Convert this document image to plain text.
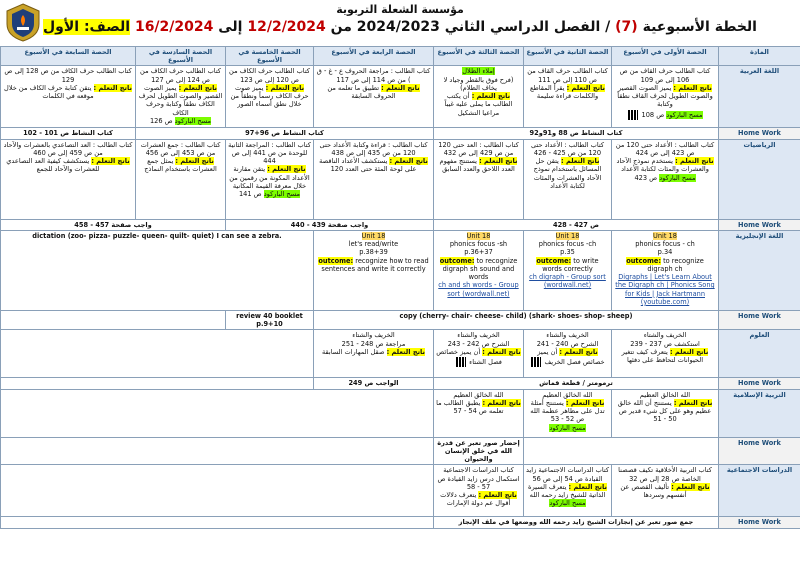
مؤسسة الشعلة التربوية
الخطة الأسبوعية (7) / الفصل الدراسي الثاني 2024/2023 من 12/2/2024 إلى 16/2/2024 الصف: الأول
المادة	الحصة الأولى في الأسبوع	الحصة الثانية في الأسبوع	الحصة الثالثة في الأسبوع	الحصة الرابعة في الأسبوع	الحصة الخامسة في الأسبوع	الحصة السادسة في الأسبوع	الحصة السابعة في الأسبوع
اللغة العربية	كتاب الطالب حرف القاف من ص 106 إلى ص 109
ناتج التعلم : يميز الصوت القصير والصوت الطويل لحرف القاف نطقاً وكتابة
مسح الباركود ص 108	كتاب الطالب حرف القاف من ص 110 إلى ص 111
ناتج التعلم : يقرأ المقاطع والكلمات قراءة سليمة	إملاء الظلال
(فرح فوق بالقطر وجياد لا يخاف الظلام)
ناتج التعلم : أن يكتب الطالب ما يملى عليه غيباً مراعيا التشكيل	كتاب الطالب : مراجعة الحروف ع - غ - ق ) من ص 114 إلى ص 117
ناتج التعلم : تطبيق ما تعلمه من الحروف السابقة	كتاب الطالب حرف الكاف من ص 120 إلى ص 123
ناتج التعلم : يميز صوت حرف الكاف رسماً ونطقاً من خلال نطق أسماء الصور	كتاب الطالب حرف الكاف من ص 124 إلى ص 127
ناتج التعلم : يميز الصوت القصير والصوت الطويل لحرف الكاف نطقاً وكتابة وحرف الكاف
مسح الباركود ص 126	كتاب الطالب حرف الكاف من ص 128 إلى ص 129
ناتج التعلم : يتقن كتابة حرف الكاف من خلال موقعه في الكلمات
Home Work	كتاب النشاط ص 88 و91و92			كتاب النشاط ص 96+97			كتاب النشاط ص 101 - 102
الرياضيات	كتاب الطالب : الأعداد حتى 120 من ص 423 إلى ص 424
ناتج التعلم : يستخدم نموذج الآحاد والعشرات والمئات لكتابة الأعداد
مسح الباركود ص 423	كتاب الطالب : الأعداد حتى 120 من ص 425 - 426
ناتج التعلم : يتقن حل المسائل باستخدام نموذج الآحاد والعشرات والمئات لكتابة الأعداد	كتاب الطالب : العد حتى 120 من ص 429 إلى ص 432
ناتج التعلم : يستنتج مفهوم العدد اللاحق والعدد السابق	كتاب الطالب : قراءة وكتابة الأعداد حتى 120 من ص 435 إلى ص 438
ناتج التعلم : يستكشف الأعداد الناقصة على لوحة المئة حتى العدد 120	كتاب الطالب : المراجعة الثانية للوحدة من ص 441 إلى ص 444
ناتج التعلم : يتقن مقارنة الأعداد المكونة من رقمين من خلال معرفة القيمة المكانية
مسح الباركود ص 141	كتاب الطالب : جمع العشرات من ص 453 إلى ص 456
ناتج التعلم : يمثل جمع العشرات باستخدام النماذج	كتاب الطالب : العد التصاعدي بالعشرات والآحاد من ص 459 إلى ص 460
ناتج التعلم : يستكشف كيفية العد التصاعدي للعشرات والآحاد للجمع
Home Work	ص 427 - 428			واجب صفحة 439 - 440		واجب صفحة 457 - 458	
اللغة الإنجليزية	Unit 18
phonics focus - ch
p.34
outcome: to recognize digraph ch
Digraphs | Let's Learn About the Digraph ch | Phonics Song for Kids | Jack Hartmann (youtube.com)	Unit 18
phonics focus -ch
p.35
outcome: to write words correctly
ch digraph - Group sort (wordwall.net)	Unit 18
phonics focus -sh
p.36+37
outcome: to recognize digraph sh sound and words
ch and sh words - Group sort (wordwall.net)	Unit 18
let's read/write
p.38+39
outcome: recognize how to read sentences and write it correctly	dictation (zoo- pizza- puzzle- queen- quilt- quiet) I can see a zebra.		
Home Work	copy (cherry- chair- cheese- child) (shark- shoes- shop- sheep)				review 40 booklet p.9+10		
العلوم	الخريف والشتاء
استكشف ص 237 - 239
ناتج التعلم : يتعرف كيف تتغير الحيوانات لتحافظ على دفئها	الخريف والشتاء
الشرح ص 240 - 241
ناتج التعلم : أن يميز خصائص فصل الخريف	الخريف والشتاء
الشرح ص 242 - 243
ناتج التعلم : أن يميز خصائص فصل الشتاء	الخريف والشتاء
مراجعة ص 248 - 251
ناتج التعلم : صقل المهارات السابقة			
Home Work	ترمومتر / قطعة قماش			الواجب ص 249			
التربية الإسلامية	الله الخالق العظيم
ناتج التعلم : يستنتج أن الله خالق عظيم وهو على كل شيء قدير ص 50 - 51	الله الخالق العظيم
ناتج التعلم : يستنتج أمثلة تدل على مظاهر عظمة الله ص 52 - 53
مسح الباركود	الله الخالق العظيم
ناتج التعلم : يطبق الطالب ما تعلمه ص 54 - 57				
Home Work			إحضار صور تعبر عن قدرة الله في خلق الإنسان والحيوان				
الدراسات الاجتماعية	كتاب التربية الأخلاقية تكيف قصصنا الخاصة ص 28 إلى ص 32
ناتج التعلم : تأليف القصص عن أنفسهم وسردها	كتاب الدراسات الاجتماعية زايد القيادة ص 54 إلى ص 56
ناتج التعلم : يتعرف السيرة الذاتية للشيخ زايد رحمه الله
مسح الباركود	كتاب الدراسات الاجتماعية استكمال درس زايد القيادة ص 57 - 58
ناتج التعلم : يتعرف دلالات أقوال عم دولة الإمارات				
Home Work	جمع صور تعبر عن إنجازات الشيخ زايد رحمه الله ووضعها في ملف الإنجاز						
